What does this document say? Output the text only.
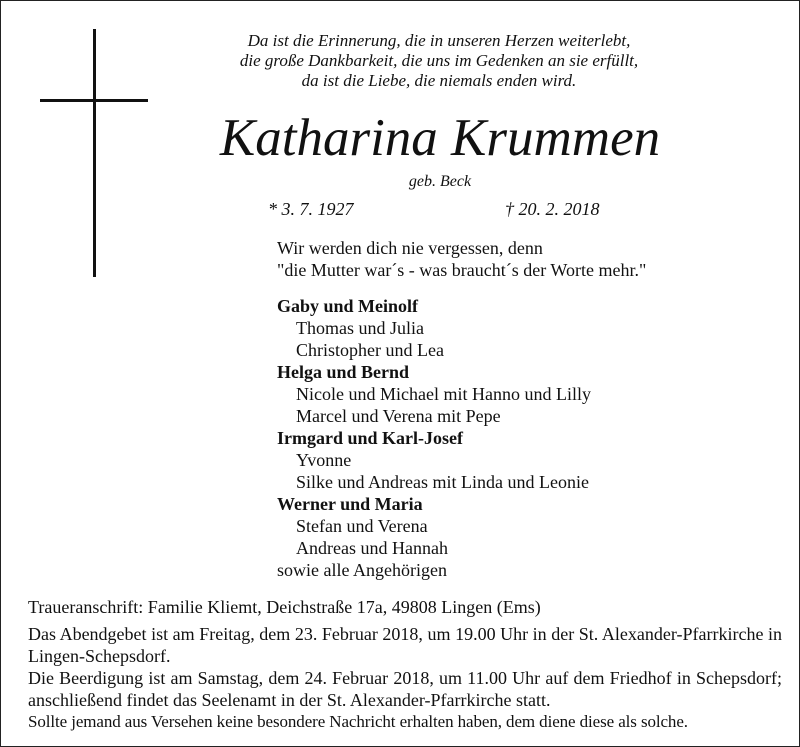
Da ist die Erinnerung, die in unseren Herzen weiterlebt,
die große Dankbarkeit, die uns im Gedenken an sie erfüllt,
da ist die Liebe, die niemals enden wird.
Katharina Krummen
geb. Beck
* 3. 7. 1927	† 20. 2. 2018
Wir werden dich nie vergessen, denn
"die Mutter war´s - was braucht´s der Worte mehr."
Gaby und Meinolf
Thomas und Julia
Christopher und Lea
Helga und Bernd
Nicole und Michael mit Hanno und Lilly
Marcel und Verena mit Pepe
Irmgard und Karl-Josef
Yvonne
Silke und Andreas mit Linda und Leonie
Werner und Maria
Stefan und Verena
Andreas und Hannah
sowie alle Angehörigen
Traueranschrift: Familie Kliemt, Deichstraße 17a, 49808 Lingen (Ems)
Das Abendgebet ist am Freitag, dem 23. Februar 2018, um 19.00 Uhr in der St. Alexander-Pfarrkirche in Lingen-Schepsdorf.
Die Beerdigung ist am Samstag, dem 24. Februar 2018, um 11.00 Uhr auf dem Friedhof in Schepsdorf; anschließend findet das Seelenamt in der St. Alexander-Pfarrkirche statt.
Sollte jemand aus Versehen keine besondere Nachricht erhalten haben, dem diene diese als solche.
